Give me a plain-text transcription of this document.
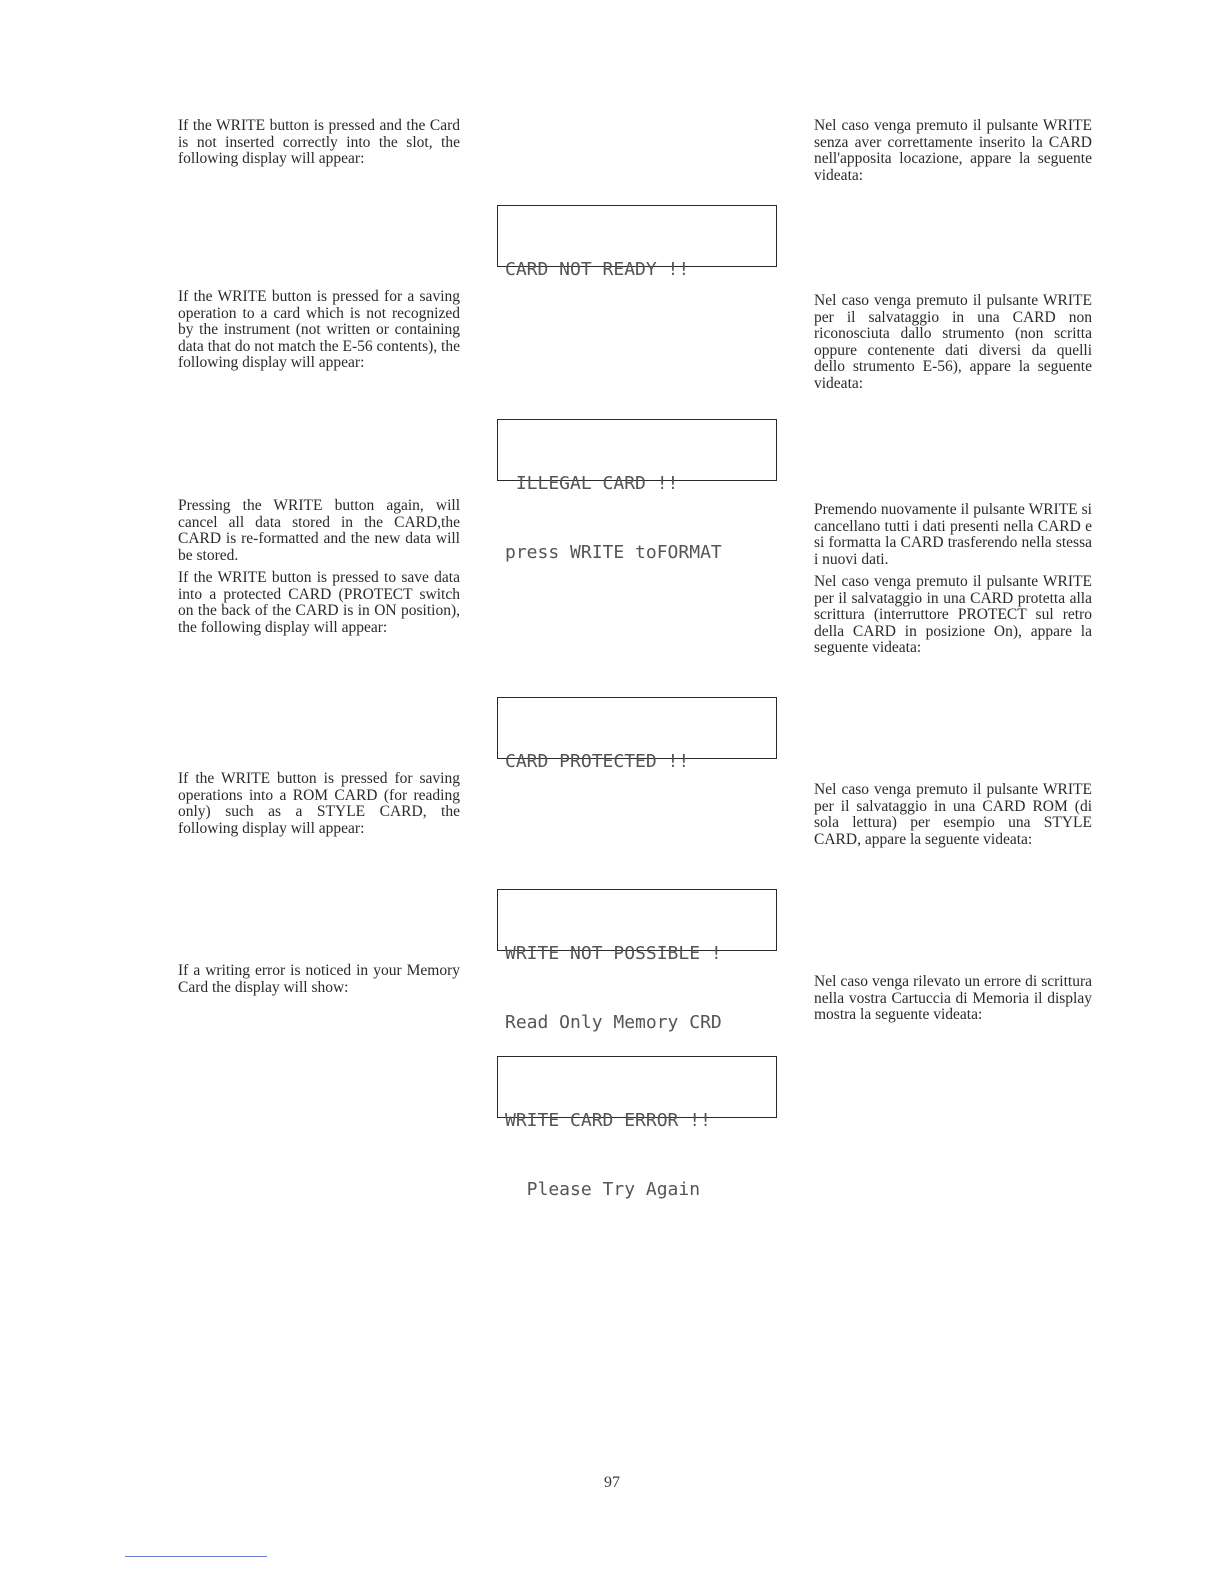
If the WRITE button is pressed and the Card is not inserted correctly into the slot, the following display will appear:

Nel caso venga premuto il pulsante WRITE senza aver correttamente inserito la CARD nell'apposita locazione, appare la seguente videata:

CARD NOT READY !!

If the WRITE button is pressed for a saving operation to a card which is not recognized by the instrument (not written or containing data that do not match the E-56 contents), the following display will appear:

Nel caso venga premuto il pulsante WRITE per il salvataggio in una CARD non riconosciuta dallo strumento (non scritta oppure contenente dati diversi da quelli dello strumento E-56), appare la seguente videata:

ILLEGAL CARD !!

press WRITE toFORMAT

Pressing the WRITE button again, will cancel all data stored in the CARD,the CARD is re-formatted and the new data will be stored.

If the WRITE button is pressed to save data into a protected CARD (PROTECT switch on the back of the CARD is in ON position), the following display will appear:

Premendo nuovamente il pulsante WRITE si cancellano tutti i dati presenti nella CARD e si formatta la CARD trasferendo nella stessa i nuovi dati.

Nel caso venga premuto il pulsante WRITE per il salvataggio in una CARD protetta alla scrittura (interruttore PROTECT sul retro della CARD in posizione On), appare la seguente videata:

CARD PROTECTED !!

If the WRITE button is pressed for saving operations into a ROM CARD (for reading only) such as a STYLE CARD, the following display will appear:

Nel caso venga premuto il pulsante WRITE per il salvataggio in una CARD ROM (di sola lettura) per esempio una STYLE CARD, appare la seguente videata:

WRITE NOT POSSIBLE !

Read Only Memory CRD

If a writing error is noticed in your Memory Card the display will show:	Nel caso venga rilevato un errore di scrittura nella vostra Cartuccia di Memoria il display mostra la seguente videata:

WRITE CARD ERROR !!

Please Try Again

97
